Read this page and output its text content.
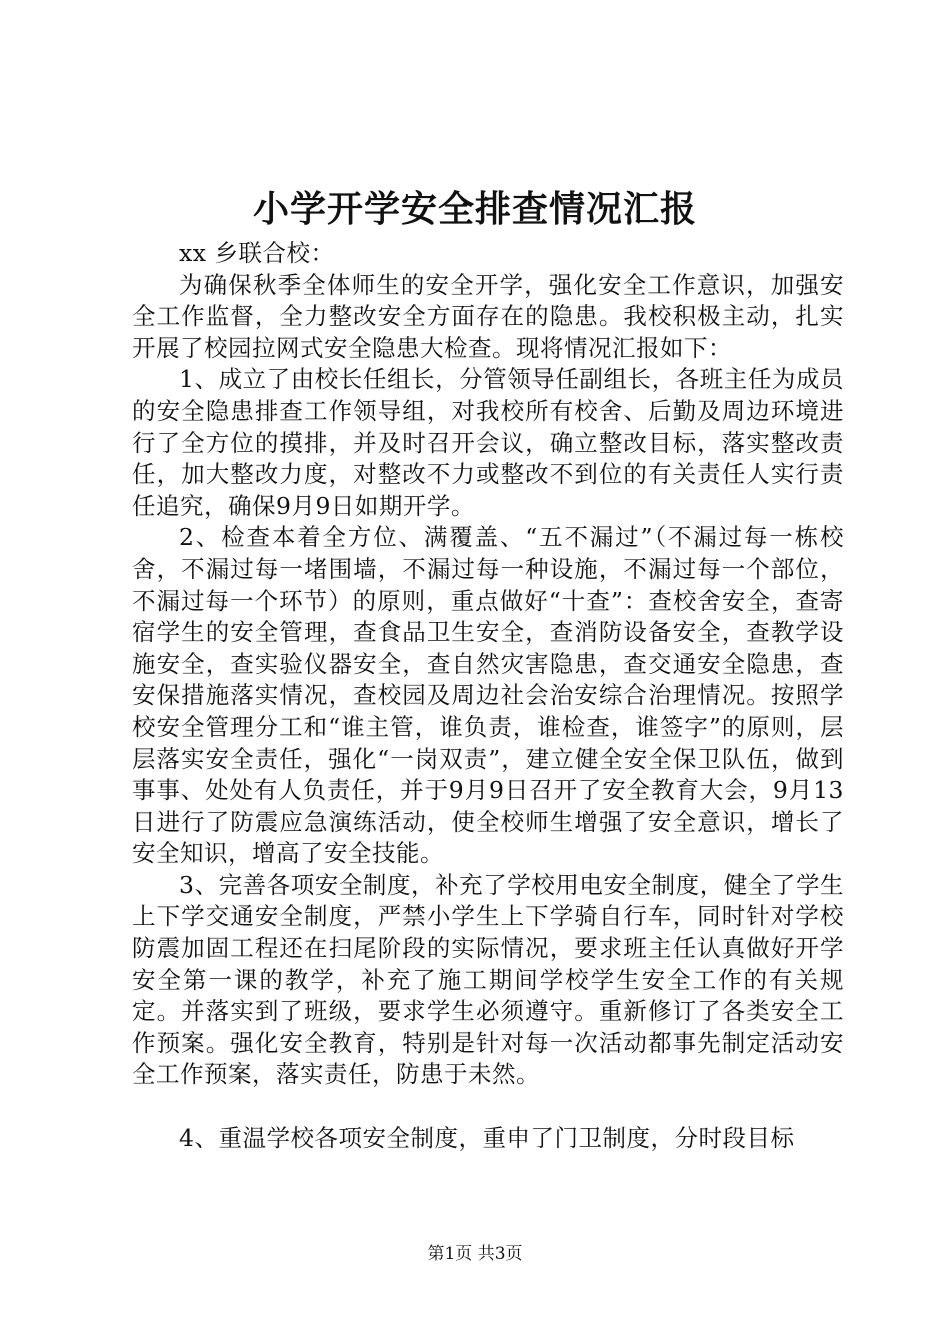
小学开学安全排查情况汇报

xx 乡联合校：

为确保秋季全体师生的安全开学，强化安全工作意识，加强安全工作监督，全力整改安全方面存在的隐患。我校积极主动，扎实开展了校园拉网式安全隐患大检查。现将情况汇报如下：

1、成立了由校长任组长，分管领导任副组长，各班主任为成员的安全隐患排查工作领导组，对我校所有校舍、后勤及周边环境进行了全方位的摸排，并及时召开会议，确立整改目标，落实整改责任，加大整改力度，对整改不力或整改不到位的有关责任人实行责任追究，确保9月9日如期开学。

2、检查本着全方位、满覆盖、“五不漏过”（不漏过每一栋校舍，不漏过每一堵围墙，不漏过每一种设施，不漏过每一个部位，不漏过每一个环节）的原则，重点做好“十查”：查校舍安全，查寄宿学生的安全管理，查食品卫生安全，查消防设备安全，查教学设施安全，查实验仪器安全，查自然灾害隐患，查交通安全隐患，查安保措施落实情况，查校园及周边社会治安综合治理情况。按照学校安全管理分工和“谁主管，谁负责，谁检查，谁签字”的原则，层层落实安全责任，强化“一岗双责”，建立健全安全保卫队伍，做到事事、处处有人负责任，并于9月9日召开了安全教育大会，9月13日进行了防震应急演练活动，使全校师生增强了安全意识，增长了安全知识，增高了安全技能。

3、完善各项安全制度，补充了学校用电安全制度，健全了学生上下学交通安全制度，严禁小学生上下学骑自行车，同时针对学校防震加固工程还在扫尾阶段的实际情况，要求班主任认真做好开学安全第一课的教学，补充了施工期间学校学生安全工作的有关规定。并落实到了班级，要求学生必须遵守。重新修订了各类安全工作预案。强化安全教育，特别是针对每一次活动都事先制定活动安全工作预案，落实责任，防患于未然。

4、重温学校各项安全制度，重申了门卫制度，分时段目标

第1页 共3页
